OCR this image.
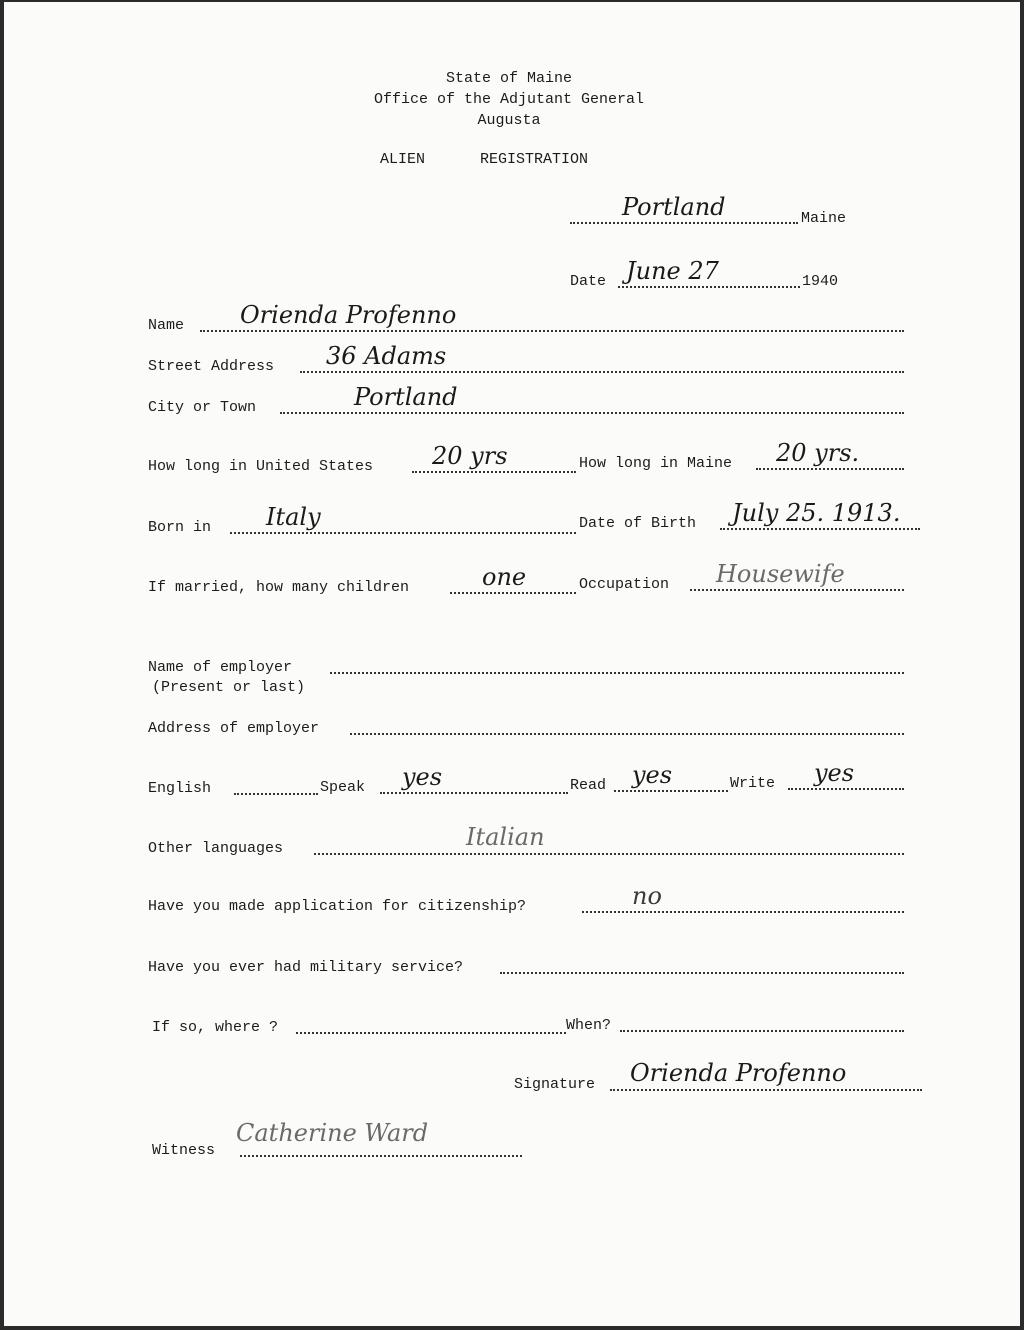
State of Maine
Office of the Adjutant General
Augusta
ALIEN	REGISTRATION
Portland	Maine
Date June 27	1940
Name Orienda Profenno
Street Address 36 Adams
City or Town	Portland
How long in United States 20 yrs	How long in Maine 20 yrs.
Born in Italy	Date of Birth July 25. 1913.
If married, how many children	one	Occupation Housewife
Name of employer
(Present or last)
Address of employer
English	Speak yes	Read yes	Write yes
Other languages	Italian
Have you made application for citizenship?	no
Have you ever had military service?
If so, where ?	When?
Signature Orienda Profenno
Witness
Catherine Ward
